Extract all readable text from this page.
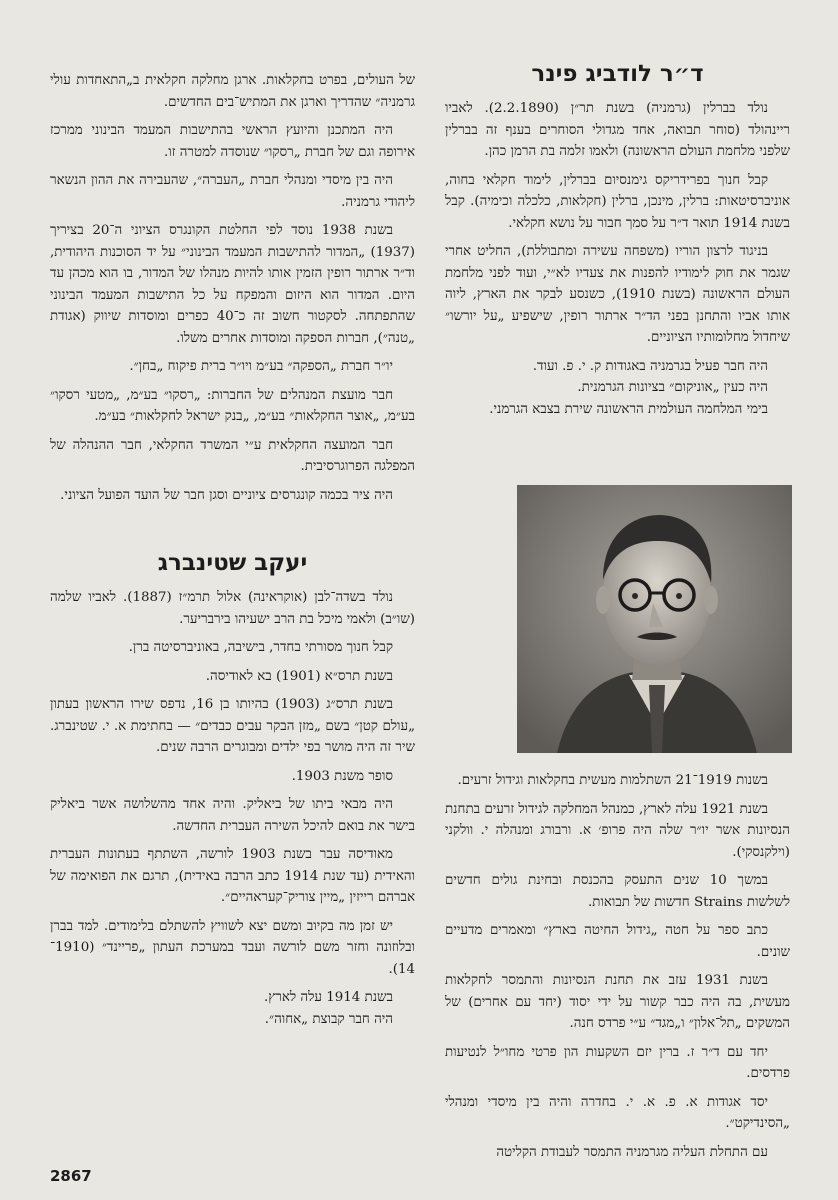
ד״ר לודביג פינר

נולד בברלין (גרמניה) בשנת תר״ן (2.2.1890). לאביו ריינהולד (סוחר תבואה, אחד מגדולי הסוחרים בענף זה בברלין שלפני מלחמת העולם הראשונה) ולאמו זלמה בת הרמן כהן.

קבל חנוך בפרידריקס גימנסיום בברלין, לימוד חקלאי בחוה, אוניברסיטאות: ברלין, מינכן, ברלין (חקלאות, כלכלה וכימיה). קבל בשנת 1914 תואר ד״ר על סמך חבור על נושא חקלאי.

בניגוד לרצון הוריו (משפחה עשירה ומתבוללת), החליט אחרי שגמר את חוק לימודיו להפנות את צעדיו לא״י, ועוד לפני מלחמת העולם הראשונה (בשנת 1910), כשנסע לבקר את הארץ, ליוה אותו אביו והתחנן בפני הד״ר ארתור רופין, שישפיע „על יורשו״ שיחדול מחלומותיו הציוניים.

היה חבר פעיל בגרמניה באגודות ק. י. פ. ועוד.

היה כעין „אוניקום״ בציונות הגרמנית.

בימי המלחמה העולמית הראשונה שירת בצבא הגרמני.

בשנות 1919־21 השתלמות מעשית בחקלאות וגידול זרעים.

בשנת 1921 עלה לארץ, כמנהל המחלקה לגידול זרעים בתחנת הנסיונות אשר יו״ר שלה היה פרופ׳ א. ורבורג ומנהלה י. וולקני (וילקנסקי).

במשך 10 שנים התעסק בהכנסת ובחינת גולים חדשים לשלשות Strains חדשות של תבואות.

כתב ספר על חטה „גידול החיטה בארץ״ ומאמרים מדעיים שונים.

בשנת 1931 עזב את תחנת הנסיונות והתמסר לחקלאות מעשית, בה היה כבר קשור על ידי יסוד (יחד עם אחרים) של המשקים „תל־אלון״ ו„מגד״ ע״י פרדס חנה.

יחד עם ד״ר ז. ברין יזם השקעות הון פרטי מחו״ל לנטיעות פרדסים.

יסד אגודות א. פ. א. י. בחדרה והיה בין מיסדי ומנהלי „הסינדיקט״.

עם התחלת העליה מגרמניה התמסר לעבודת הקליטה

של העולים, בפרט בחקלאות. ארגן מחלקה חקלאית ב„התאחדות עולי גרמניה״ שהדריך וארגן את המתיש־בים החדשים.

היה המתכנן והיועץ הראשי בהתישבות המעמד הבינוני ממרכז אירופה וגם של חברת „רסקו״ שנוסדה למטרה זו.

היה בין מיסדי ומנהלי חברת „העברה״, שהעבירה את ההון הנשאר ליהודי גרמניה.

בשנת 1938 נוסד לפי החלטת הקונגרס הציוני ה־20 בציריך (1937) „המדור להתישבות המעמד הבינוני״ על יד הסוכנות היהודית, וד״ר ארתור רופין הזמין אותו להיות מנהלו של המדור, בו הוא מכהן עד היום. המדור הוא היזום והמפקח על כל התישבות המעמד הבינוני שהתפתחה. לסקטור חשוב זה כ־40 כפרים ומוסדות שיווק (אגודת „טנה״), חברות הספקה ומוסדות אחרים משלו.

יו״ר חברת „הספקה״ בע״מ ויו״ר ברית פיקוח „בחן״.

חבר מועצת המנהלים של החברות: „רסקו״ בע״מ, „מטעי רסקו״ בע״מ, „אוצר החקלאות״ בע״מ, „בנק ישראל לחקלאות״ בע״מ.

חבר המועצה החקלאית ע״י המשרד החקלאי, חבר ההנהלה של המפלגה הפרוגרסיבית.

היה ציר בכמה קונגרסים ציוניים וסגן חבר של הועד הפועל הציוני.

יעקב שטינברג

נולד בשדה־לבן (אוקראינה) אלול תרמ״ז (1887). לאביו שלמה (שו״ב) ולאמי מיכל בת הרב ישעיהו בירבריער.

קבל חנוך מסורתי בחדר, בישיבה, באוניברסיטה ברן.

בשנת תרס״א (1901) בא לאודיסה.

בשנת תרס״ג (1903) בהיותו בן 16, נדפס שירו הראשון בעתון „עולם קטן״ בשם „מזן הבקר עבים כבדים״ — בחתימת א. י. שטינברג. שיר זה היה מושר בפי ילדים ומבוגרים הרבה שנים.

סופר משנת 1903.

היה מבאי ביתו של ביאליק. והיה אחד מהשלושה אשר ביאליק בישר את בואם להיכל השירה העברית החדשה.

מאודיסה עבר בשנת 1903 לורשה, השתתף בעתונות העברית והאידית (עד שנת 1914 כתב הרבה באידית), תרגם את הפואימה של אברהם רייזין „מיין צוריק־קעראהיים״.

יש זמן מה בקיוב ומשם יצא לשוויץ להשתלם בלימודים. למד בברן ובלוזונה וחזר משם לורשה ועבד במערכת העתון „פריינד״ (1910־14).

בשנת 1914 עלה לארץ.

היה חבר קבוצת „אחוה״.

2867
